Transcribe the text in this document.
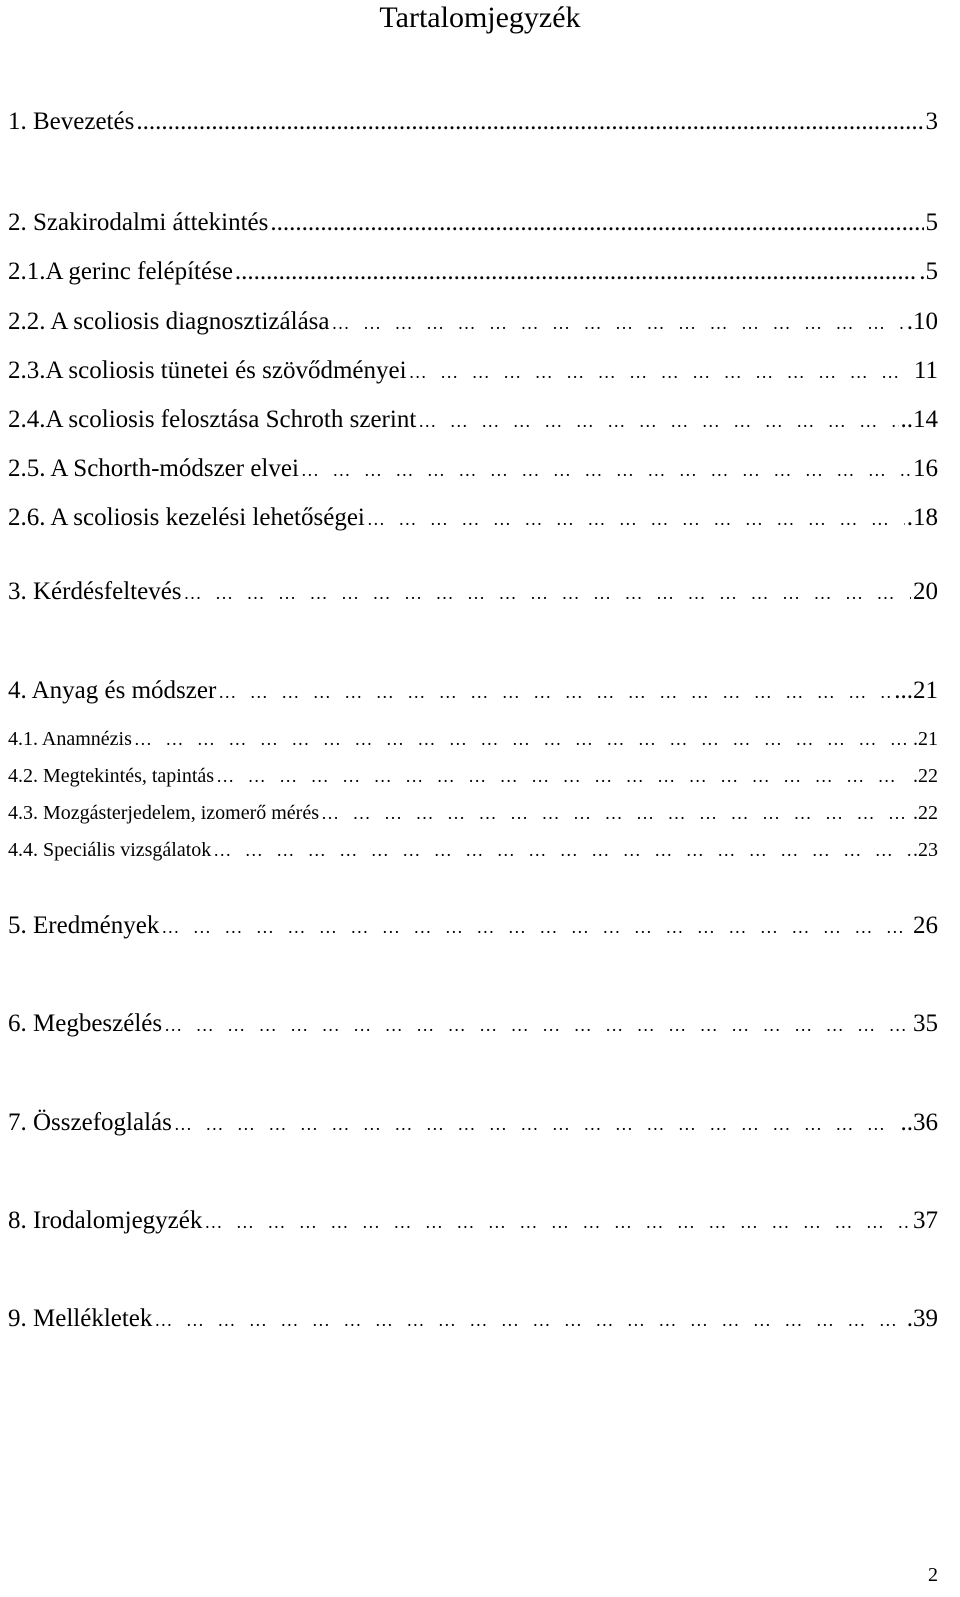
Tartalomjegyzék
1. Bevezetés .....	3
2. Szakirodalmi áttekintés .....	5
2.1.A gerinc felépítése .....	.5
2.2. A scoliosis diagnosztizálása …   …   …   …   …   …   …   …   …   …   …   …   …   …   …   …   …   …   …   …   …   …   …   …   …   …   …   …	.10
2.3.A scoliosis tünetei és szövődményei …   …   …   …   …   …   …   …   …   …   …   …   …   …   …   …   …   …   …   …   …   …   …   …   …   …   …   …	11
2.4.A scoliosis felosztása Schroth szerint …   …   …   …   …   …   …   …   …   …   …   …   …   …   …   …   …   …   …   …   …   …   …   …   …   …   …   …	..14
2.5. A Schorth-módszer elvei …   …   …   …   …   …   …   …   …   …   …   …   …   …   …   …   …   …   …   …   …   …   …   …   …   …   …   …	16
2.6. A scoliosis kezelési lehetőségei …   …   …   …   …   …   …   …   …   …   …   …   …   …   …   …   …   …   …   …   …   …   …   …   …   …   …   …	.18
3. Kérdésfeltevés …   …   …   …   …   …   …   …   …   …   …   …   …   …   …   …   …   …   …   …   …   …   …   …   …   …   …   …	20
4. Anyag és módszer …   …   …   …   …   …   …   …   …   …   …   …   …   …   …   …   …   …   …   …   …   …   …   …   …   …   …   …	...21
4.1. Anamnézis …   …   …   …   …   …   …   …   …   …   …   …   …   …   …   …   …   …   …   …   …   …   …   …   …   …   …   …	.21
4.2. Megtekintés, tapintás …   …   …   …   …   …   …   …   …   …   …   …   …   …   …   …   …   …   …   …   …   …   …   …   …   …   …   …	.22
4.3. Mozgásterjedelem, izomerő mérés …   …   …   …   …   …   …   …   …   …   …   …   …   …   …   …   …   …   …   …   …   …   …   …   …   …   …   …	.22
4.4. Speciális vizsgálatok …   …   …   …   …   …   …   …   …   …   …   …   …   …   …   …   …   …   …   …   …   …   …   …   …   …   …   …	.23
5. Eredmények …   …   …   …   …   …   …   …   …   …   …   …   …   …   …   …   …   …   …   …   …   …   …   …   …   …   …   …	26
6. Megbeszélés …   …   …   …   …   …   …   …   …   …   …   …   …   …   …   …   …   …   …   …   …   …   …   …   …   …   …   …	35
7. Összefoglalás …   …   …   …   …   …   …   …   …   …   …   …   …   …   …   …   …   …   …   …   …   …   …   …   …   …   …   …	..36
8. Irodalomjegyzék …   …   …   …   …   …   …   …   …   …   …   …   …   …   …   …   …   …   …   …   …   …   …   …   …   …   …   …	37
9. Mellékletek …   …   …   …   …   …   …   …   …   …   …   …   …   …   …   …   …   …   …   …   …   …   …   …   …   …   …   …	.39
2
